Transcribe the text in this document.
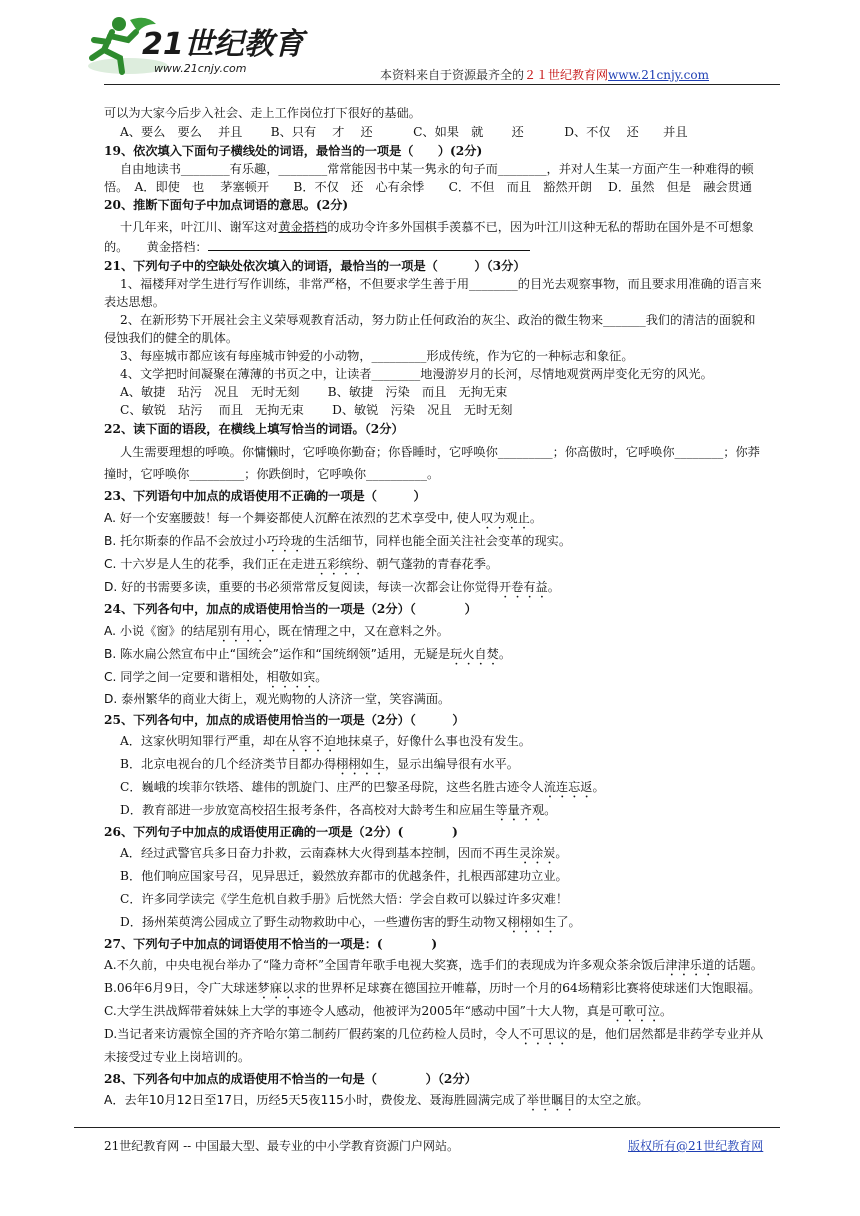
21世纪教育
www.21cnjy.com	本资料来自于资源最齐全的２１世纪教育网www.21cnjy.com
可以为大家今后步入社会、走上工作岗位打下很好的基础。
A、要么　要么　 并且　　 B、只有　 才　 还　　　 C、如果　就　　 还　　　 D、不仅　 还　　并且
19、依次填入下面句子横线处的词语，最恰当的一项是（　　）(2分)
自由地读书________有乐趣，________常常能因书中某一隽永的句子而________，并对人生某一方面产生一种难得的顿
悟。　A．即使　也　 茅塞顿开　　B．不仅　还　心有余悸　　C．不但　而且　豁然开朗　 D．虽然　但是　融会贯通
20、推断下面句子中加点词语的意思。(2分)
十几年来，叶江川、谢军这对黄金搭档的成功令许多外国棋手羡慕不已，因为叶江川这种无私的帮助在国外是不可想象
的。　　黄金搭档：
21、下列句子中的空缺处依次填入的词语，最恰当的一项是（　　　）（3分）
1、福楼拜对学生进行写作训练，非常严格，不但要求学生善于用________的目光去观察事物，而且要求用准确的语言来
表达思想。
2、在新形势下开展社会主义荣辱观教育活动，努力防止任何政治的灰尘、政治的微生物来_______我们的清洁的面貌和
侵蚀我们的健全的肌体。
3、每座城市都应该有每座城市钟爱的小动物，_________形成传统，作为它的一种标志和象征。
4、文学把时间凝聚在薄薄的书页之中，让读者________地漫游岁月的长河，尽情地观赏两岸变化无穷的风光。
A、敏捷　玷污　况且　无时无刻　　 B、敏捷　污染　而且　无拘无束
C、敏锐　玷污　 而且　无拘无束　　 D、敏锐　污染　况且　无时无刻
22、读下面的语段，在横线上填写恰当的词语。（2分）
人生需要理想的呼唤。你慵懒时，它呼唤你勤奋；你昏睡时，它呼唤你_________；你高傲时，它呼唤你________；你莽
撞时，它呼唤你_________；你跌倒时，它呼唤你__________。
23、下列语句中加点的成语使用不正确的一项是（　　　）
A. 好一个安塞腰鼓！每一个舞姿都使人沉醉在浓烈的艺术享受中, 使人叹为观止。
B. 托尔斯泰的作品不会放过小巧玲珑的生活细节，同样也能全面关注社会变革的现实。
C. 十六岁是人生的花季，我们正在走进五彩缤纷、朝气蓬勃的青春花季。
D. 好的书需要多读，重要的书必须常常反复阅读，每读一次都会让你觉得开卷有益。
24、下列各句中，加点的成语使用恰当的一项是（2分）（　　　　）
A. 小说《窗》的结尾别有用心，既在情理之中，又在意料之外。
B. 陈水扁公然宣布中止“国统会”运作和“国统纲领”适用，无疑是玩火自焚。
C. 同学之间一定要和谐相处，相敬如宾。
D. 泰州繁华的商业大街上，观光购物的人济济一堂，笑容满面。
25、下列各句中，加点的成语使用恰当的一项是（2分）（　　　）
A．这家伙明知罪行严重，却在从容不迫地抹桌子，好像什么事也没有发生。
B．北京电视台的几个经济类节目都办得栩栩如生，显示出编导很有水平。
C．巍峨的埃菲尔铁塔、雄伟的凯旋门、庄严的巴黎圣母院，这些名胜古迹令人流连忘返。
D．教育部进一步放宽高校招生报考条件，各高校对大龄考生和应届生等量齐观。
26、下列句子中加点的成语使用正确的一项是（2分）(　　　　)
A．经过武警官兵多日奋力扑救，云南森林大火得到基本控制，因而不再生灵涂炭。
B．他们响应国家号召，见异思迁，毅然放弃都市的优越条件，扎根西部建功立业。
C．许多同学读完《学生危机自救手册》后恍然大悟：学会自救可以躲过许多灾难！
D．扬州茱萸湾公园成立了野生动物救助中心，一些遭伤害的野生动物又栩栩如生了。
27、下列句子中加点的词语使用不恰当的一项是：(　　　　)
A.不久前，中央电视台举办了“隆力奇杯”全国青年歌手电视大奖赛，选手们的表现成为许多观众茶余饭后津津乐道的话题。
B.06年6月9日，令广大球迷梦寐以求的世界杯足球赛在德国拉开帷幕，历时一个月的64场精彩比赛将使球迷们大饱眼福。
C.大学生洪战辉带着妹妹上大学的事迹令人感动，他被评为2005年“感动中国”十大人物，真是可歌可泣。
D.当记者来访震惊全国的齐齐哈尔第二制药厂假药案的几位药检人员时，令人不可思议的是，他们居然都是非药学专业并从
未接受过专业上岗培训的。
28、下列各句中加点的成语使用不恰当的一句是（　　　　）（2分）
A．去年10月12日至17日，历经5天5夜115小时，费俊龙、聂海胜圆满完成了举世瞩目的太空之旅。
21世纪教育网 -- 中国最大型、最专业的中小学教育资源门户网站。	版权所有@21世纪教育网
